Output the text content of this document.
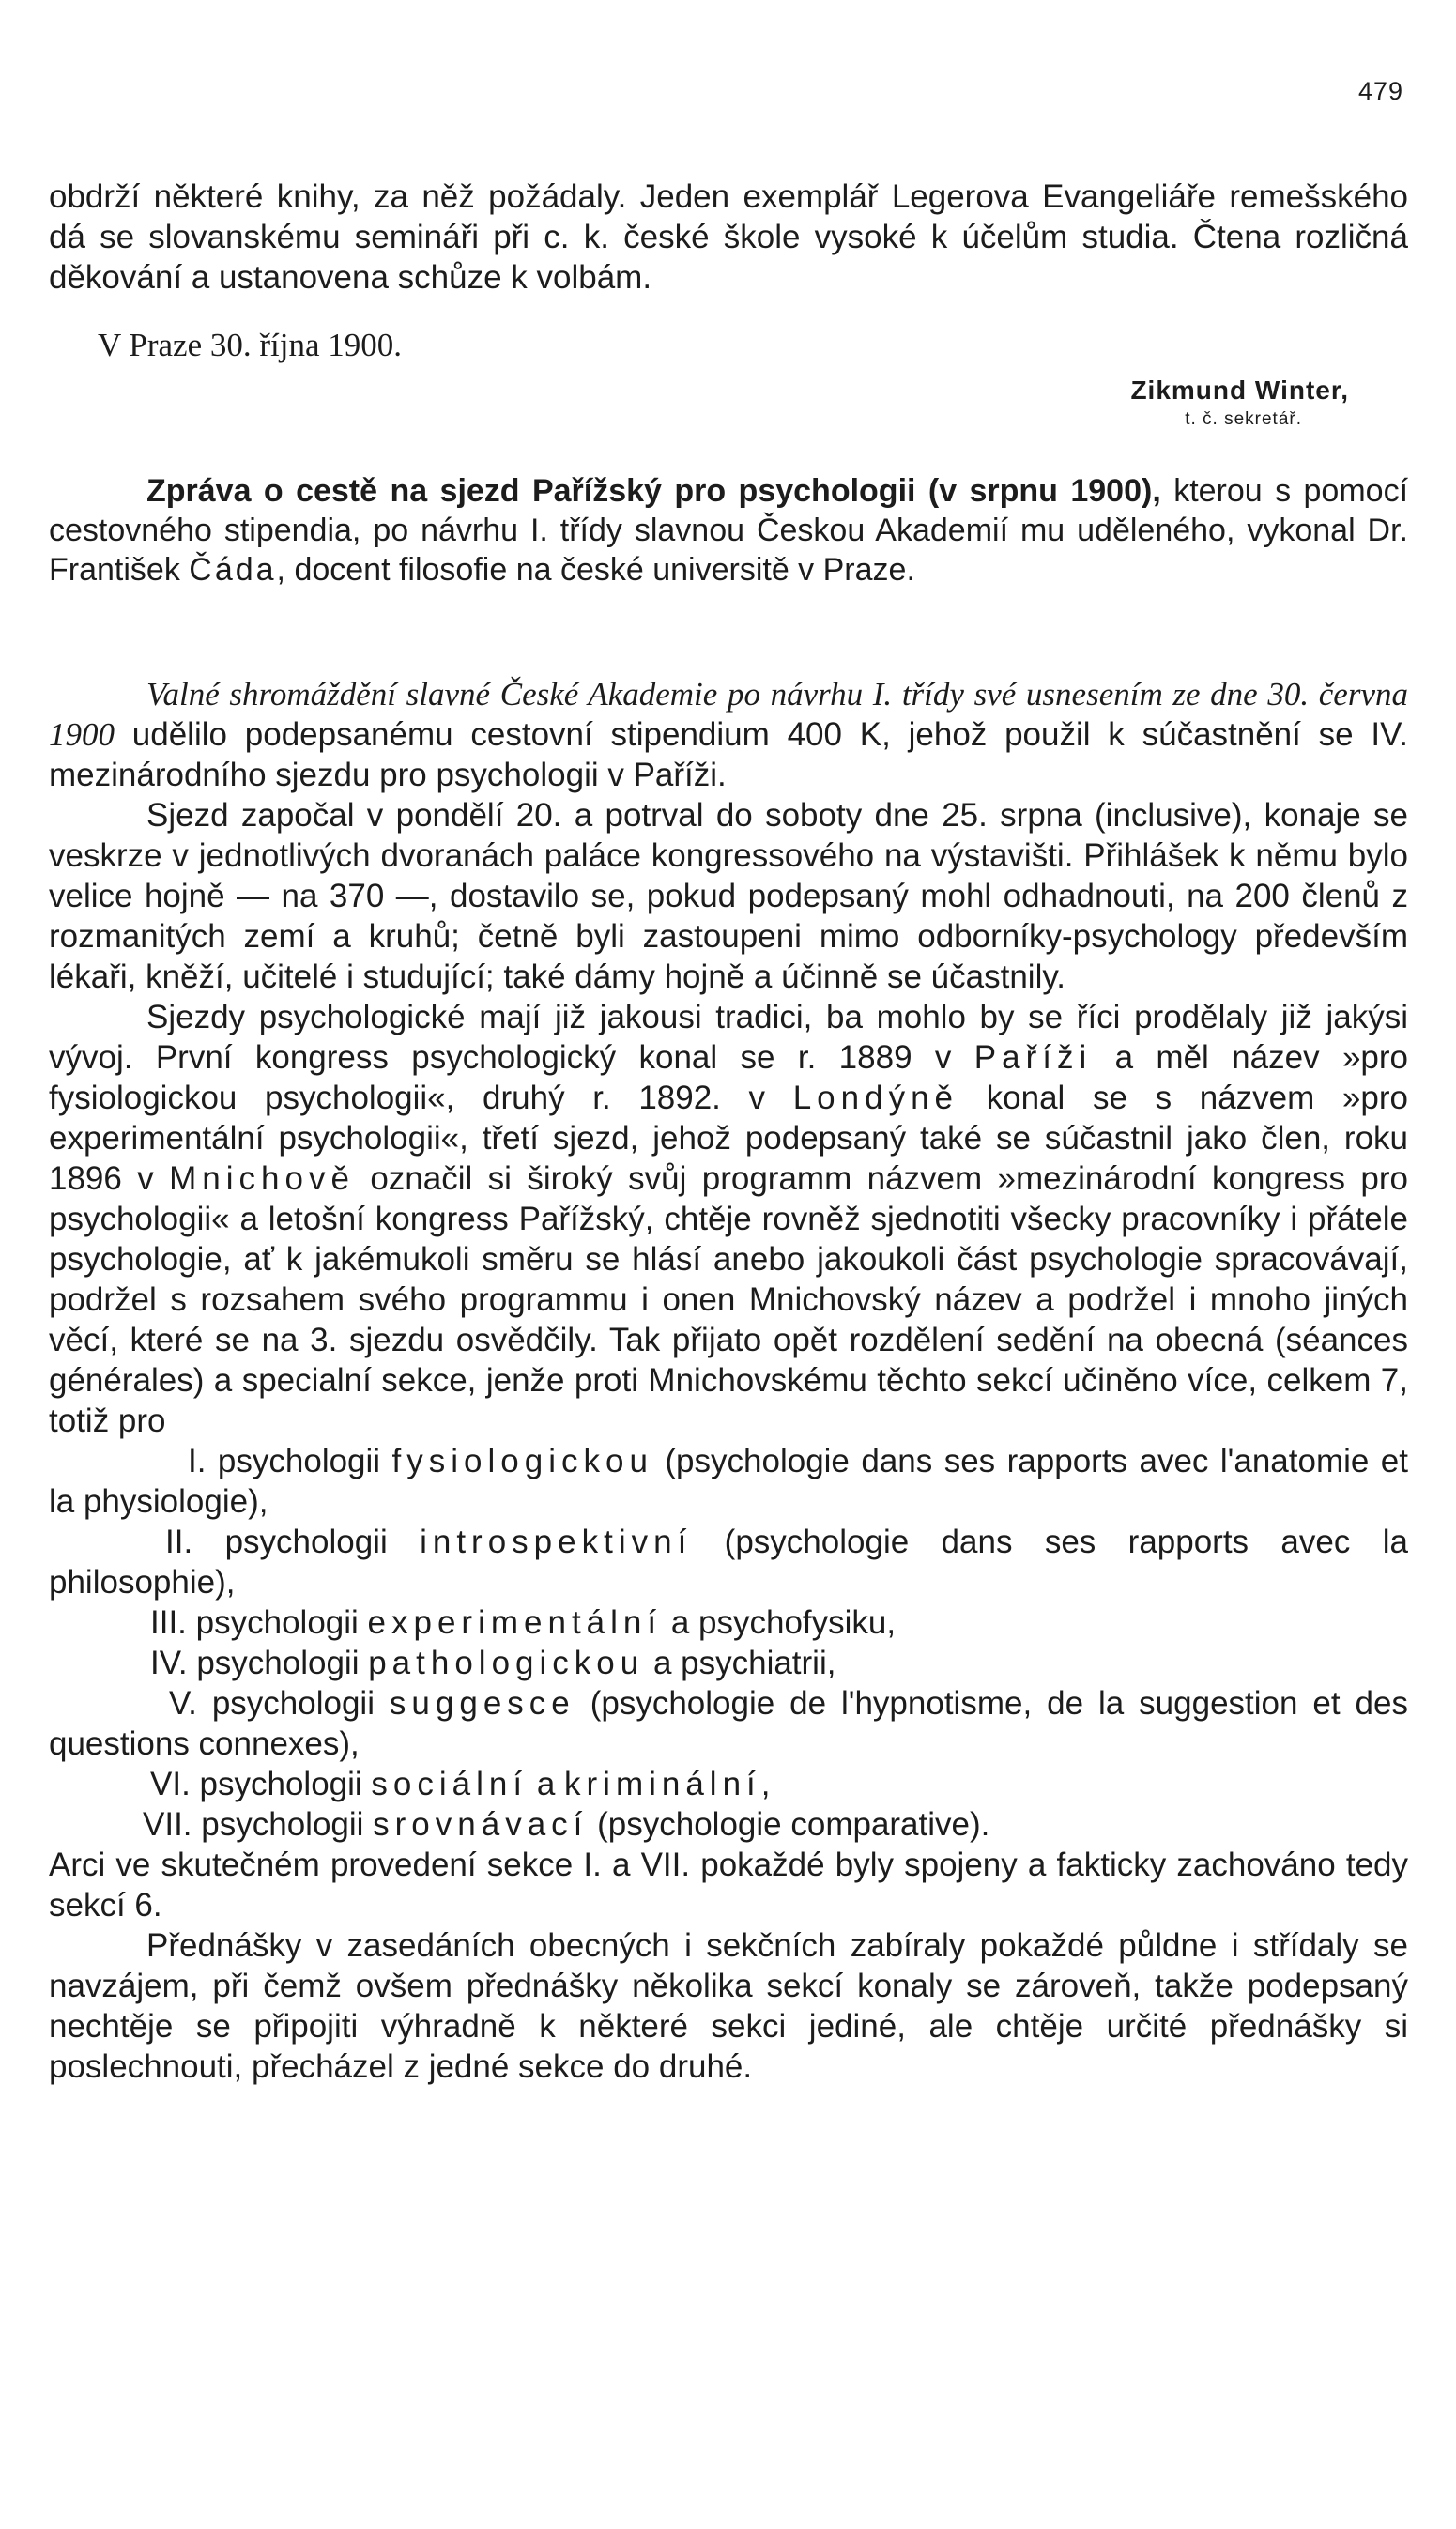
479

obdrží některé knihy, za něž požádaly. Jeden exemplář Legerova Evangeliáře remešského dá se slovanskému semináři při c. k. české škole vysoké k účelům studia. Čtena rozličná děkování a ustanovena schůze k volbám.

V Praze 30. října 1900.
Zikmund Winter,
t. č. sekretář.

Zpráva o cestě na sjezd Pařížský pro psychologii (v srpnu 1900), kterou s pomocí cestovného stipendia, po návrhu I. třídy slavnou Českou Akademií mu uděleného, vykonal Dr. František Čáda, docent filosofie na české universitě v Praze.

Valné shromáždění slavné České Akademie po návrhu I. třídy své usnesením ze dne 30. června 1900 udělilo podepsanému cestovní stipendium 400 K, jehož použil k súčastnění se IV. mezinárodního sjezdu pro psychologii v Paříži.

Sjezd započal v pondělí 20. a potrval do soboty dne 25. srpna (inclusive), konaje se veskrze v jednotlivých dvoranách paláce kongressového na výstavišti. Přihlášek k němu bylo velice hojně — na 370 —, dostavilo se, pokud podepsaný mohl odhadnouti, na 200 členů z rozmanitých zemí a kruhů; četně byli zastoupeni mimo odborníky-psychology především lékaři, kněží, učitelé i studující; také dámy hojně a účinně se účastnily.

Sjezdy psychologické mají již jakousi tradici, ba mohlo by se říci prodělaly již jakýsi vývoj. První kongress psychologický konal se r. 1889 v Paříži a měl název »pro fysiologickou psychologii«, druhý r. 1892. v Londýně konal se s názvem »pro experimentální psychologii«, třetí sjezd, jehož podepsaný také se súčastnil jako člen, roku 1896 v Mnichově označil si široký svůj programm názvem »mezinárodní kongress pro psychologii« a letošní kongress Pařížský, chtěje rovněž sjednotiti všecky pracovníky i přátele psychologie, ať k jakémukoli směru se hlásí anebo jakoukoli část psychologie spracovávají, podržel s rozsahem svého programmu i onen Mnichovský název a podržel i mnoho jiných věcí, které se na 3. sjezdu osvědčily. Tak přijato opět rozdělení sedění na obecná (séances générales) a specialní sekce, jenže proti Mnichovskému těchto sekcí učiněno více, celkem 7, totiž pro

I. psychologii fysiologickou (psychologie dans ses rapports avec l'anatomie et la physiologie),

II. psychologii introspektivní (psychologie dans ses rapports avec la philosophie),

III. psychologii experimentální a psychofysiku,

IV. psychologii pathologickou a psychiatrii,

V. psychologii suggesce (psychologie de l'hypnotisme, de la suggestion et des questions connexes),

VI. psychologii sociální a kriminální,

VII. psychologii srovnávací (psychologie comparative).

Arci ve skutečném provedení sekce I. a VII. pokaždé byly spojeny a fakticky zachováno tedy sekcí 6.

Přednášky v zasedáních obecných i sekčních zabíraly pokaždé půldne i střídaly se navzájem, při čemž ovšem přednášky několika sekcí konaly se zároveň, takže podepsaný nechtěje se připojiti výhradně k některé sekci jediné, ale chtěje určité přednášky si poslechnouti, přecházel z jedné sekce do druhé.
